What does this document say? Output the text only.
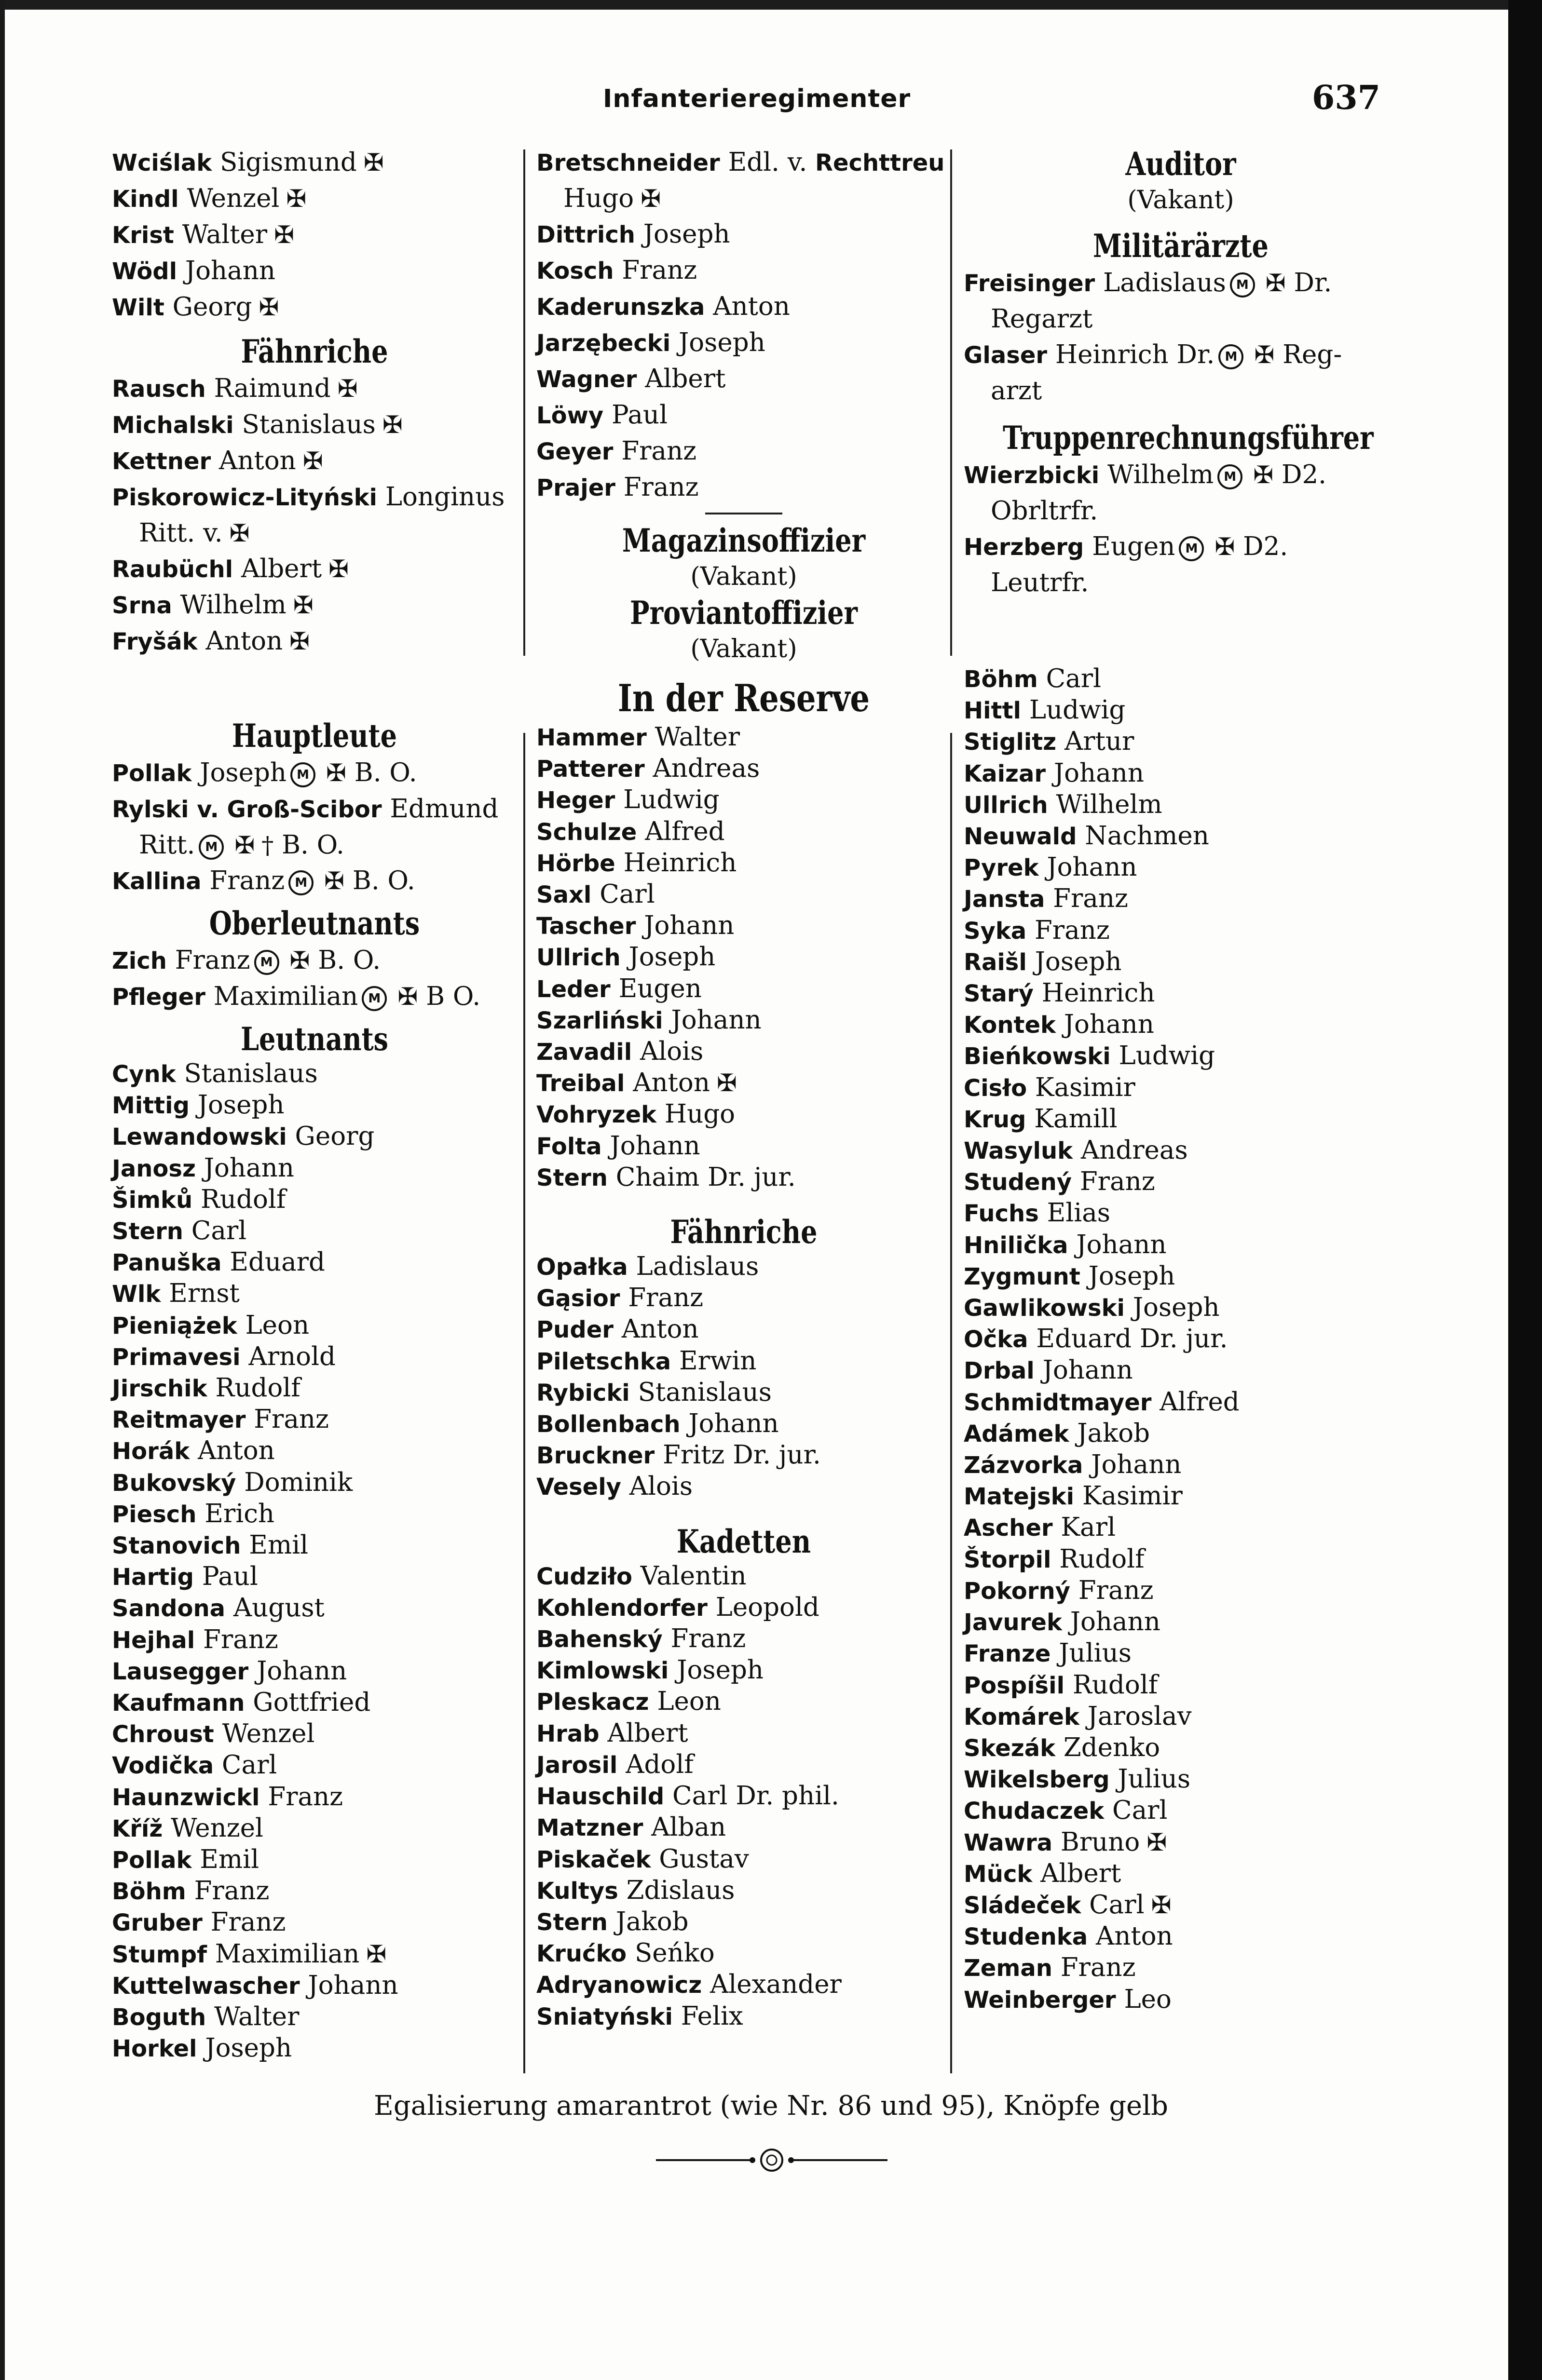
Infanterieregimenter	637
Wciślak Sigismund ✠
Kindl Wenzel ✠
Krist Walter ✠
Wödl Johann
Wilt Georg ✠
Fähnriche
Rausch Raimund ✠
Michalski Stanislaus ✠
Kettner Anton ✠
Piskorowicz-Lityński Longinus
Ritt. v. ✠
Raubüchl Albert ✠
Srna Wilhelm ✠
Fryšák Anton ✠
Hauptleute
Pollak Joseph M ✠ B. O.
Rylski v. Groß-Scibor Edmund
Ritt. M ✠ † B. O.
Kallina Franz M ✠ B. O.
Oberleutnants
Zich Franz M ✠ B. O.
Pfleger Maximilian M ✠ B O.
Leutnants
Cynk Stanislaus
Mittig Joseph
Lewandowski Georg
Janosz Johann
Šimků Rudolf
Stern Carl
Panuška Eduard
Wlk Ernst
Pieniążek Leon
Primavesi Arnold
Jirschik Rudolf
Reitmayer Franz
Horák Anton
Bukovský Dominik
Piesch Erich
Stanovich Emil
Hartig Paul
Sandona August
Hejhal Franz
Lausegger Johann
Kaufmann Gottfried
Chroust Wenzel
Vodička Carl
Haunzwickl Franz
Kříž Wenzel
Pollak Emil
Böhm Franz
Gruber Franz
Stumpf Maximilian ✠
Kuttelwascher Johann
Boguth Walter
Horkel Joseph
Bretschneider Edl. v. Rechttreu
Hugo ✠
Dittrich Joseph
Kosch Franz
Kaderunszka Anton
Jarzębecki Joseph
Wagner Albert
Löwy Paul
Geyer Franz
Prajer Franz
Magazinsoffizier
(Vakant)
Proviantoffizier
(Vakant)
In der Reserve
Hammer Walter
Patterer Andreas
Heger Ludwig
Schulze Alfred
Hörbe Heinrich
Saxl Carl
Tascher Johann
Ullrich Joseph
Leder Eugen
Szarliński Johann
Zavadil Alois
Treibal Anton ✠
Vohryzek Hugo
Folta Johann
Stern Chaim Dr. jur.
Fähnriche
Opałka Ladislaus
Gąsior Franz
Puder Anton
Piletschka Erwin
Rybicki Stanislaus
Bollenbach Johann
Bruckner Fritz Dr. jur.
Vesely Alois
Kadetten
Cudziło Valentin
Kohlendorfer Leopold
Bahenský Franz
Kimlowski Joseph
Pleskacz Leon
Hrab Albert
Jarosil Adolf
Hauschild Carl Dr. phil.
Matzner Alban
Piskaček Gustav
Kultys Zdislaus
Stern Jakob
Krućko Seńko
Adryanowicz Alexander
Sniatyński Felix
Auditor
(Vakant)
Militärärzte
Freisinger Ladislaus M ✠ Dr.
Regarzt
Glaser Heinrich Dr. M ✠ Reg-
arzt
Truppenrechnungsführer
Wierzbicki Wilhelm M ✠ D2.
Obrltrfr.
Herzberg Eugen M ✠ D2.
Leutrfr.
Böhm Carl
Hittl Ludwig
Stiglitz Artur
Kaizar Johann
Ullrich Wilhelm
Neuwald Nachmen
Pyrek Johann
Jansta Franz
Syka Franz
Raišl Joseph
Starý Heinrich
Kontek Johann
Bieńkowski Ludwig
Cisło Kasimir
Krug Kamill
Wasyluk Andreas
Studený Franz
Fuchs Elias
Hnilička Johann
Zygmunt Joseph
Gawlikowski Joseph
Očka Eduard Dr. jur.
Drbal Johann
Schmidtmayer Alfred
Adámek Jakob
Zázvorka Johann
Matejski Kasimir
Ascher Karl
Štorpil Rudolf
Pokorný Franz
Javurek Johann
Franze Julius
Pospíšil Rudolf
Komárek Jaroslav
Skezák Zdenko
Wikelsberg Julius
Chudaczek Carl
Wawra Bruno ✠
Mück Albert
Sládeček Carl ✠
Studenka Anton
Zeman Franz
Weinberger Leo
Egalisierung amarantrot (wie Nr. 86 und 95), Knöpfe gelb
